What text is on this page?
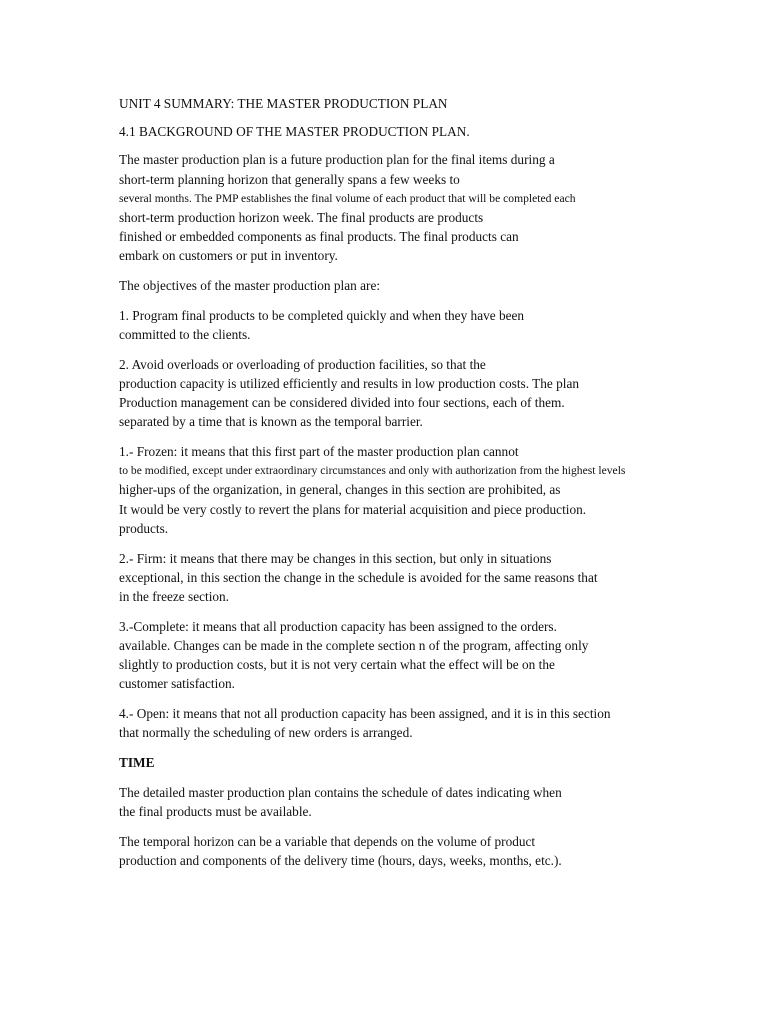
UNIT 4 SUMMARY: THE MASTER PRODUCTION PLAN
4.1 BACKGROUND OF THE MASTER PRODUCTION PLAN.
The master production plan is a future production plan for the final items during a
short-term planning horizon that generally spans a few weeks to
several months. The PMP establishes the final volume of each product that will be completed each
short-term production horizon week. The final products are products
finished or embedded components as final products. The final products can
embark on customers or put in inventory.
The objectives of the master production plan are:
1. Program final products to be completed quickly and when they have been
committed to the clients.
2. Avoid overloads or overloading of production facilities, so that the
production capacity is utilized efficiently and results in low production costs. The plan
Production management can be considered divided into four sections, each of them.
separated by a time that is known as the temporal barrier.
1.- Frozen: it means that this first part of the master production plan cannot
to be modified, except under extraordinary circumstances and only with authorization from the highest levels
higher-ups of the organization, in general, changes in this section are prohibited, as
It would be very costly to revert the plans for material acquisition and piece production.
products.
2.- Firm: it means that there may be changes in this section, but only in situations
exceptional, in this section the change in the schedule is avoided for the same reasons that
in the freeze section.
3.-Complete: it means that all production capacity has been assigned to the orders.
available. Changes can be made in the complete section n of the program, affecting only
slightly to production costs, but it is not very certain what the effect will be on the
customer satisfaction.
4.- Open: it means that not all production capacity has been assigned, and it is in this section
that normally the scheduling of new orders is arranged.
TIME
The detailed master production plan contains the schedule of dates indicating when
the final products must be available.
The temporal horizon can be a variable that depends on the volume of product
production and components of the delivery time (hours, days, weeks, months, etc.).
